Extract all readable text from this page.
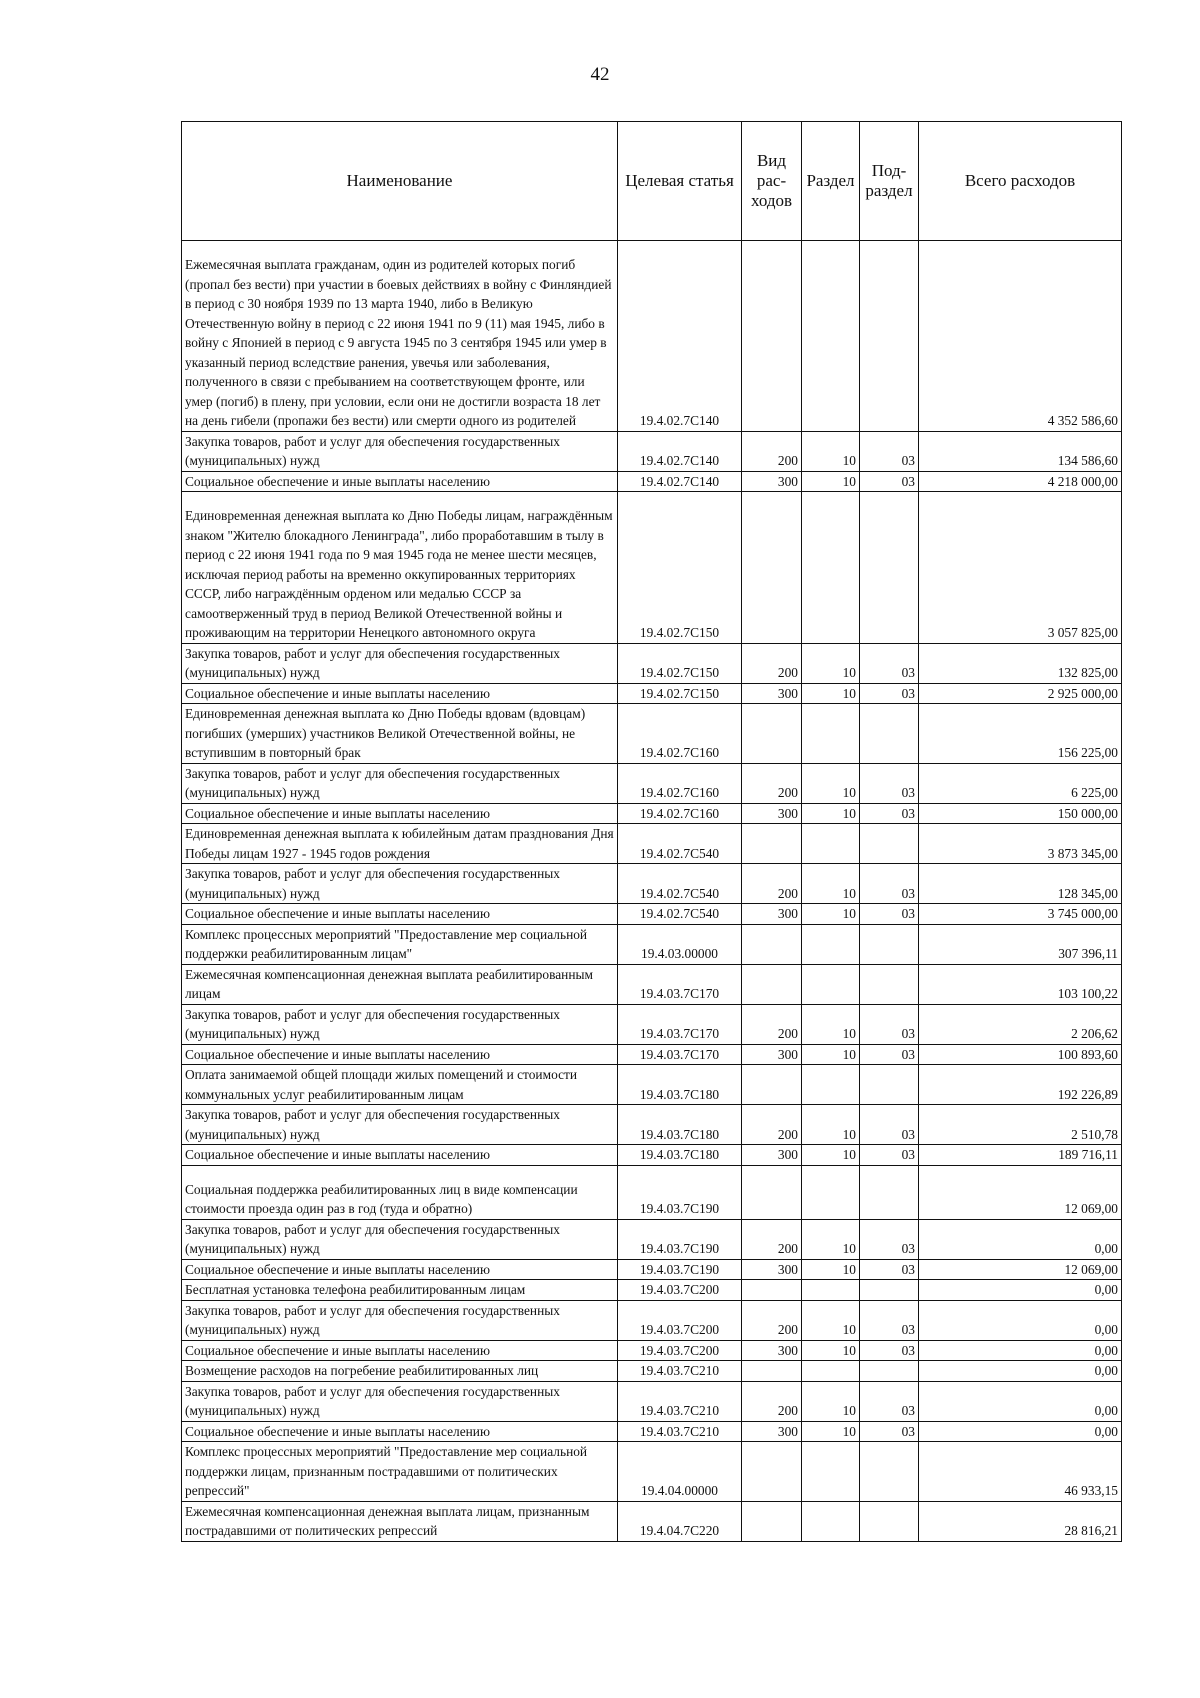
42
Наименование	Целевая статья	Вид рас-ходов	Раздел	Под-раздел	Всего расходов
Ежемесячная выплата гражданам, один из родителей которых погиб (пропал без вести) при участии в боевых действиях в войну с Финляндией в период с 30 ноября 1939 по 13 марта 1940, либо в Великую Отечественную войну в период с 22 июня 1941 по 9 (11) мая 1945, либо в войну с Японией в период с 9 августа 1945 по 3 сентября 1945 или умер в указанный период вследствие ранения, увечья или заболевания, полученного в связи с пребыванием на соответствующем фронте, или умер (погиб) в плену, при условии, если они не достигли возраста 18 лет на день гибели (пропажи без вести) или смерти одного из родителей	19.4.02.7С140				4 352 586,60
Закупка товаров, работ и услуг для обеспечения государственных (муниципальных) нужд	19.4.02.7С140	200	10	03	134 586,60
Социальное обеспечение и иные выплаты населению	19.4.02.7С140	300	10	03	4 218 000,00
Единовременная денежная выплата ко Дню Победы лицам, награждённым знаком "Жителю блокадного Ленинграда", либо проработавшим в тылу в период с 22 июня 1941 года по 9 мая 1945 года не менее шести месяцев, исключая период работы на временно оккупированных территориях СССР, либо награждённым орденом или медалью СССР за самоотверженный труд в период Великой Отечественной войны и проживающим на территории Ненецкого автономного округа	19.4.02.7С150				3 057 825,00
Закупка товаров, работ и услуг для обеспечения государственных (муниципальных) нужд	19.4.02.7С150	200	10	03	132 825,00
Социальное обеспечение и иные выплаты населению	19.4.02.7С150	300	10	03	2 925 000,00
Единовременная денежная выплата ко Дню Победы вдовам (вдовцам) погибших (умерших) участников Великой Отечественной войны, не вступившим в повторный брак	19.4.02.7С160				156 225,00
Закупка товаров, работ и услуг для обеспечения государственных (муниципальных) нужд	19.4.02.7С160	200	10	03	6 225,00
Социальное обеспечение и иные выплаты населению	19.4.02.7С160	300	10	03	150 000,00
Единовременная денежная выплата к юбилейным датам празднования Дня Победы лицам 1927 - 1945 годов рождения	19.4.02.7С540				3 873 345,00
Закупка товаров, работ и услуг для обеспечения государственных (муниципальных) нужд	19.4.02.7С540	200	10	03	128 345,00
Социальное обеспечение и иные выплаты населению	19.4.02.7С540	300	10	03	3 745 000,00
Комплекс процессных мероприятий "Предоставление мер социальной поддержки реабилитированным лицам"	19.4.03.00000				307 396,11
Ежемесячная компенсационная денежная выплата реабилитированным лицам	19.4.03.7С170				103 100,22
Закупка товаров, работ и услуг для обеспечения государственных (муниципальных) нужд	19.4.03.7С170	200	10	03	2 206,62
Социальное обеспечение и иные выплаты населению	19.4.03.7С170	300	10	03	100 893,60
Оплата занимаемой общей площади жилых помещений и стоимости коммунальных услуг реабилитированным лицам	19.4.03.7С180				192 226,89
Закупка товаров, работ и услуг для обеспечения государственных (муниципальных) нужд	19.4.03.7С180	200	10	03	2 510,78
Социальное обеспечение и иные выплаты населению	19.4.03.7С180	300	10	03	189 716,11
Социальная поддержка реабилитированных лиц в виде компенсации стоимости проезда один раз в год (туда и обратно)	19.4.03.7С190				12 069,00
Закупка товаров, работ и услуг для обеспечения государственных (муниципальных) нужд	19.4.03.7С190	200	10	03	0,00
Социальное обеспечение и иные выплаты населению	19.4.03.7С190	300	10	03	12 069,00
Бесплатная установка телефона реабилитированным лицам	19.4.03.7С200				0,00
Закупка товаров, работ и услуг для обеспечения государственных (муниципальных) нужд	19.4.03.7С200	200	10	03	0,00
Социальное обеспечение и иные выплаты населению	19.4.03.7С200	300	10	03	0,00
Возмещение расходов на погребение реабилитированных лиц	19.4.03.7С210				0,00
Закупка товаров, работ и услуг для обеспечения государственных (муниципальных) нужд	19.4.03.7С210	200	10	03	0,00
Социальное обеспечение и иные выплаты населению	19.4.03.7С210	300	10	03	0,00
Комплекс процессных мероприятий "Предоставление мер социальной поддержки лицам, признанным пострадавшими от политических репрессий"	19.4.04.00000				46 933,15
Ежемесячная компенсационная денежная выплата лицам, признанным пострадавшими от политических репрессий	19.4.04.7С220				28 816,21
